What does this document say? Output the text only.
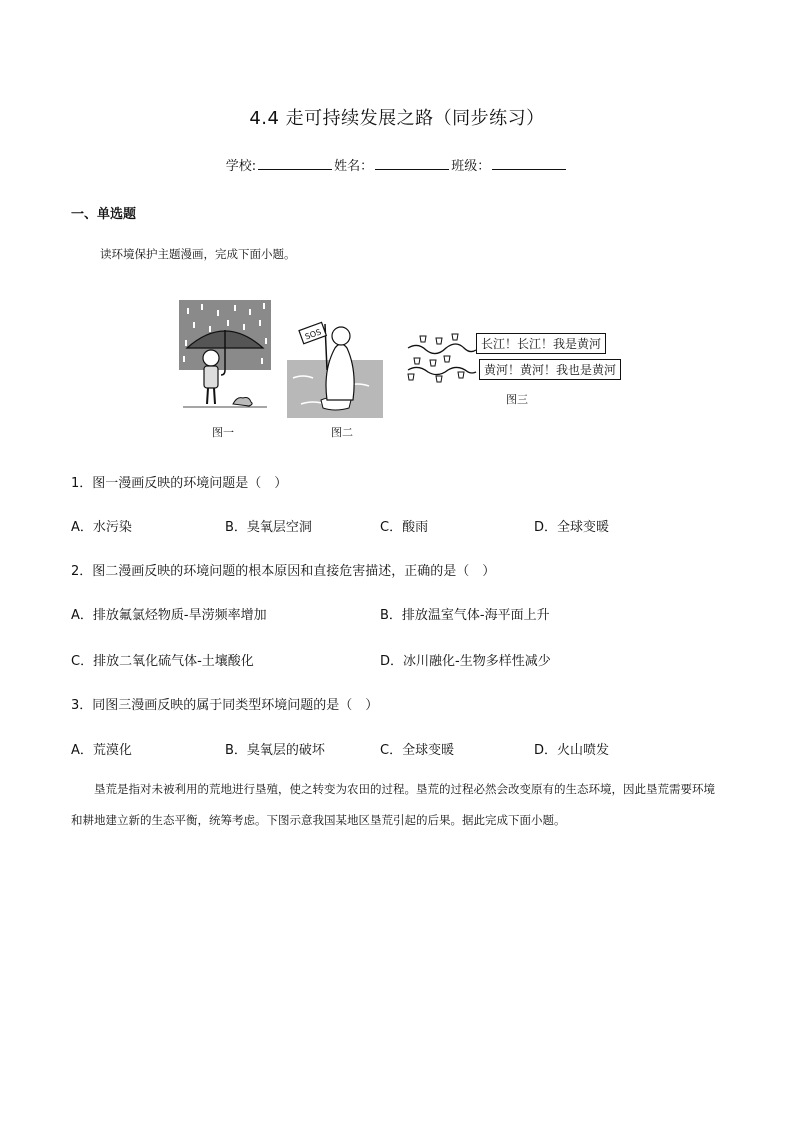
4.4 走可持续发展之路（同步练习）
学校:	姓名：	班级：
一、单选题
读环境保护主题漫画，完成下面小题。
图一
SOS
图二
长江！长江！我是黄河
黄河！黄河！我也是黄河
图三
1．图一漫画反映的环境问题是（　）
A．水污染	B．臭氧层空洞	C．酸雨	D．全球变暖
2．图二漫画反映的环境问题的根本原因和直接危害描述，正确的是（　）
A．排放氟氯烃物质-旱涝频率增加	B．排放温室气体-海平面上升
C．排放二氧化硫气体-土壤酸化	D．冰川融化-生物多样性减少
3．同图三漫画反映的属于同类型环境问题的是（　）
A．荒漠化	B．臭氧层的破坏	C．全球变暖	D．火山喷发
垦荒是指对未被利用的荒地进行垦殖，使之转变为农田的过程。垦荒的过程必然会改变原有的生态环境，因此垦荒需要环境和耕地建立新的生态平衡，统筹考虑。下图示意我国某地区垦荒引起的后果。据此完成下面小题。
